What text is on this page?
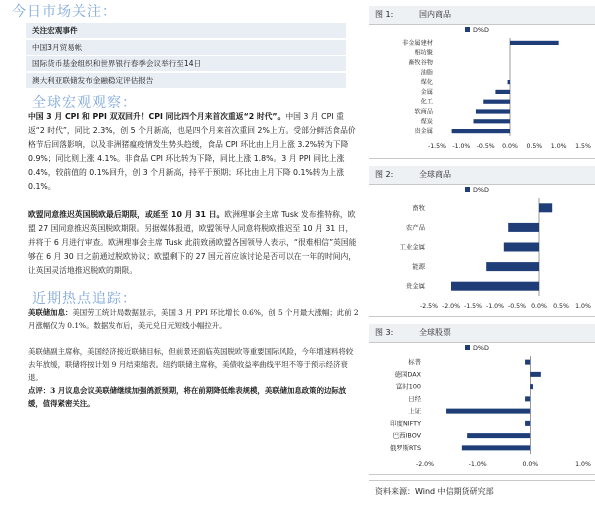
今日市场关注：
关注宏观事件
中国3月贸易帐
国际货币基金组织和世界银行春季会议举行至14日
澳大利亚联储发布金融稳定评估报告
全球宏观观察：
中国 3 月 CPI 和 PPI 双双回升！CPI 同比四个月来首次重返“2 时代”。中国 3 月 CPI 重返“2 时代”，同比 2.3%，创 5 个月新高，也是四个月来首次重回 2%上方。受部分鲜活食品价格节后回落影响，以及非洲猪瘟疫情发生势头趋缓，食品 CPI 环比由上月上涨 3.2%转为下降 0.9%；同比则上涨 4.1%。非食品 CPI 环比转为下降，同比上涨 1.8%。3 月 PPI 同比上涨 0.4%，较前值的 0.1%回升，创 3 个月新高，持平于预期；环比由上月下降 0.1%转为上涨 0.1%。
欧盟同意推迟英国脱欧最后期限，或延至 10 月 31 日。欧洲理事会主席 Tusk 发布推特称，欧盟 27 国同意推迟英国脱欧期限。另据媒体报道，欧盟领导人同意将脱欧推迟至 10 月 31 日，并将于 6 月进行审查。欧洲理事会主席 Tusk 此前致函欧盟各国领导人表示，“很难相信”英国能够在 6 月 30 日之前通过脱欧协议；欧盟剩下的 27 国元首应该讨论是否可以在一年的时间内，让英国灵活地推迟脱欧的期限。
近期热点追踪：
美联储加息：美国劳工统计局数据显示，美国 3 月 PPI 环比增长 0.6%，创 5 个月最大涨幅；此前 2 月涨幅仅为 0.1%。数据发布后，美元兑日元短线小幅拉升。
美联储副主席称，美国经济接近联储目标，但前景还面临英国脱欧等重要国际风险，今年增速料将较去年放缓，联储将按计划 9 月结束缩表。纽约联储主席称，美债收益率曲线平坦不等于预示经济衰退。
点评：3 月议息会议美联储继续加强鸽派预期，将在前期降低维表规模，美联储加息政策的边际放缓，值得紧密关注。
图 1:	国内商品
D%D
非金属建材
相坊聚
畜牧谷物
油脂
煤化
金属
化工
软商品
煤炭
贵金属
-1.5% -1.0% -0.5% 0.0% 0.5% 1.0% 1.5%
图 2:	全球商品
D%D
畜牧
农产品
工业金属
能源
贵金属
-2.5% -2.0% -1.5% -1.0% -0.5% 0.0% 0.5% 1.0%
图 3:	全球股票
D%D
标普
德国DAX
富时100
日经
上证
印度NIFTY
巴西IBOV
俄罗斯RTS
-2.0%	-1.0%	0.0%	1.0%
资料来源：Wind 中信期货研究部
